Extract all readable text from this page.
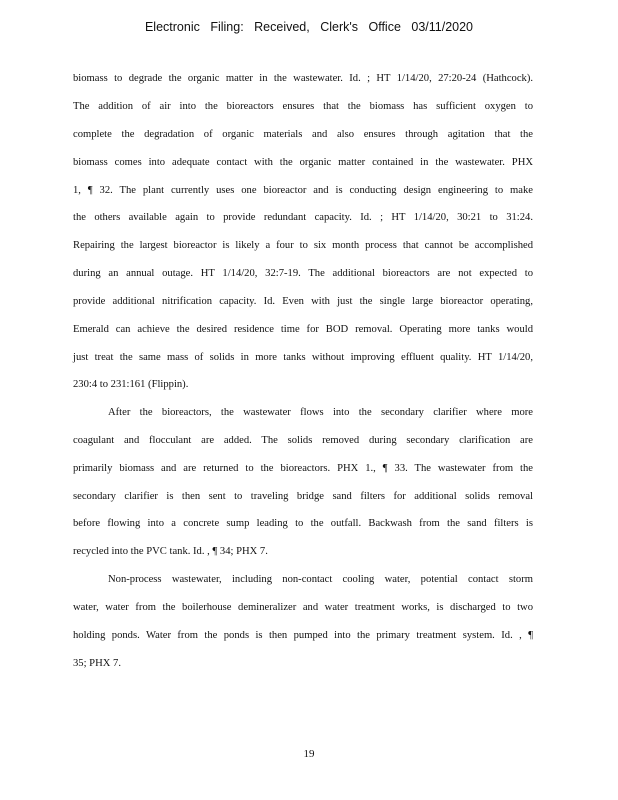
Electronic Filing: Received, Clerk's Office 03/11/2020
biomass to degrade the organic matter in the wastewater. Id. ; HT 1/14/20, 27:20-24 (Hathcock).
The addition of air into the bioreactors ensures that the biomass has sufficient oxygen to
complete the degradation of organic materials and also ensures through agitation that the
biomass comes into adequate contact with the organic matter contained in the wastewater. PHX
1, ¶ 32. The plant currently uses one bioreactor and is conducting design engineering to make
the others available again to provide redundant capacity. Id. ; HT 1/14/20, 30:21 to 31:24.
Repairing the largest bioreactor is likely a four to six month process that cannot be accomplished
during an annual outage. HT 1/14/20, 32:7-19. The additional bioreactors are not expected to
provide additional nitrification capacity. Id. Even with just the single large bioreactor operating,
Emerald can achieve the desired residence time for BOD removal. Operating more tanks would
just treat the same mass of solids in more tanks without improving effluent quality. HT 1/14/20,
230:4 to 231:161 (Flippin).
After the bioreactors, the wastewater flows into the secondary clarifier where more
coagulant and flocculant are added. The solids removed during secondary clarification are
primarily biomass and are returned to the bioreactors. PHX 1., ¶ 33. The wastewater from the
secondary clarifier is then sent to traveling bridge sand filters for additional solids removal
before flowing into a concrete sump leading to the outfall. Backwash from the sand filters is
recycled into the PVC tank. Id. , ¶ 34; PHX 7.
Non-process wastewater, including non-contact cooling water, potential contact storm
water, water from the boilerhouse demineralizer and water treatment works, is discharged to two
holding ponds. Water from the ponds is then pumped into the primary treatment system. Id. , ¶
35; PHX 7.
19
